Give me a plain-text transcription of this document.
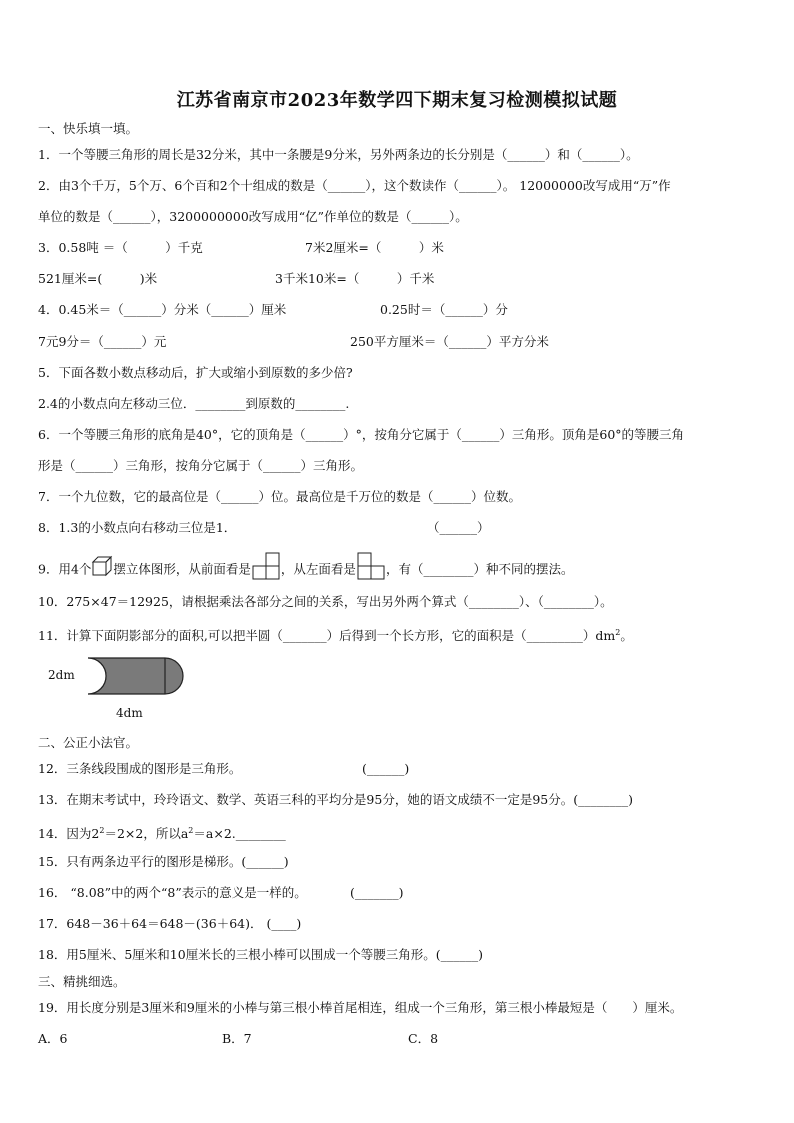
江苏省南京市2023年数学四下期末复习检测模拟试题
一、快乐填一填。
1．一个等腰三角形的周长是32分米，其中一条腰是9分米，另外两条边的长分别是（______）和（______）。
2．由3个千万，5个万、6个百和2个十组成的数是（______），这个数读作（______）。 12000000改写成用“万”作
单位的数是（______），3200000000改写成用“亿”作单位的数是（______）。
3．0.58吨 ＝（　　　）千克	7米2厘米=（　　　）米
521厘米=(　　　)米	3千米10米=（　　　）千米
4．0.45米＝（______）分米（______）厘米	0.25时＝（______）分
7元9分＝（______）元	250平方厘米＝（______）平方分米
5．下面各数小数点移动后，扩大或缩小到原数的多少倍?
2.4的小数点向左移动三位．________到原数的________.
6．一个等腰三角形的底角是40°，它的顶角是（______）°，按角分它属于（______）三角形。顶角是60°的等腰三角
形是（______）三角形，按角分它属于（______）三角形。
7．一个九位数，它的最高位是（______）位。最高位是千万位的数是（______）位数。
8．1.3的小数点向右移动三位是1．	（______）
9．用4个 摆立体图形，从前面看是 ，从左面看是 ，有（________）种不同的摆法。
10．275×47＝12925，请根据乘法各部分之间的关系，写出另外两个算式（________）、（________）。
11．计算下面阴影部分的面积,可以把半圆（_______）后得到一个长方形，它的面积是$(\_\_\_\_\_\_\_\_\_)dm^2$。
2dm
4dm
二、公正小法官。
12．三条线段围成的图形是三角形。	(______)
13．在期末考试中，玲玲语文、数学、英语三科的平均分是95分，她的语文成绩不一定是95分。(________)
14．因为$2^2=2\times 2$，所以$a^2=a\times 2.\_\_\_\_\_\_\_\_$
15．只有两条边平行的图形是梯形。(______)
16． “8.08”中的两个“8”表示的意义是一样的。	(_______)
17．648－36＋64＝648－(36＋64)． (____)
18．用5厘米、5厘米和10厘米长的三根小棒可以围成一个等腰三角形。(______)
三、精挑细选。
19．用长度分别是3厘米和9厘米的小棒与第三根小棒首尾相连，组成一个三角形，第三根小棒最短是（　　）厘米。
A．6	B．7	C．8
